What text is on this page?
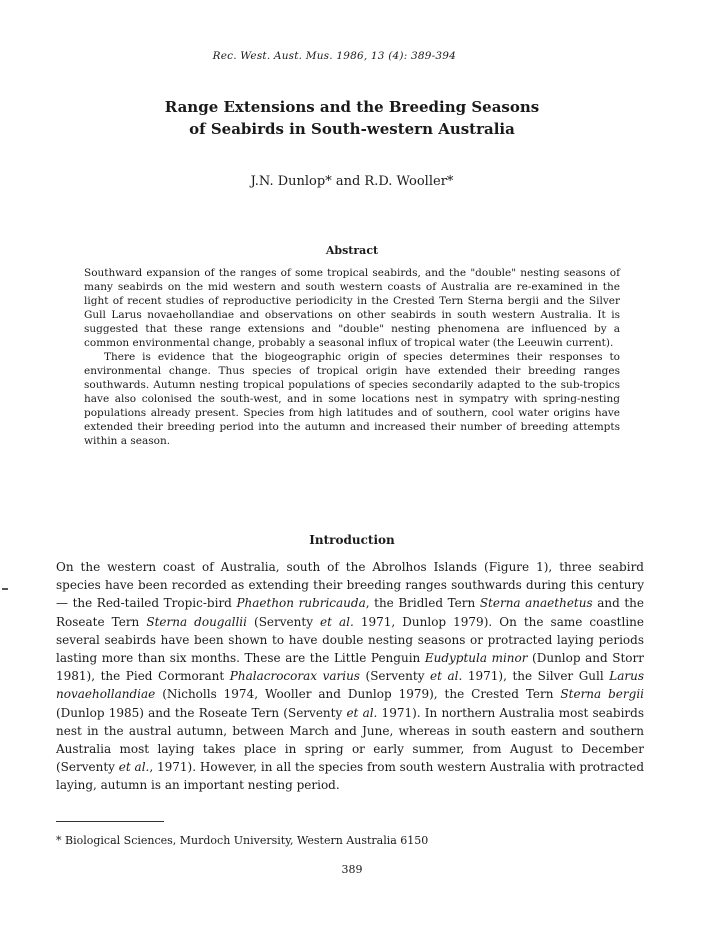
Rec. West. Aust. Mus. 1986, 13 (4): 389-394
Range Extensions and the Breeding Seasons
of Seabirds in South-western Australia
J.N. Dunlop* and R.D. Wooller*
Abstract

Southward expansion of the ranges of some tropical seabirds, and the "double" nesting seasons of many seabirds on the mid western and south western coasts of Australia are re-examined in the light of recent studies of reproductive periodicity in the Crested Tern Sterna bergii and the Silver Gull Larus novaehollandiae and observations on other seabirds in south western Australia. It is suggested that these range extensions and "double" nesting phenomena are influenced by a common environmental change, probably a seasonal influx of tropical water (the Leeuwin current).

There is evidence that the biogeographic origin of species determines their responses to environmental change. Thus species of tropical origin have extended their breeding ranges southwards. Autumn nesting tropical populations of species secondarily adapted to the sub-tropics have also colonised the south-west, and in some locations nest in sympatry with spring-nesting populations already present. Species from high latitudes and of southern, cool water origins have extended their breeding period into the autumn and increased their number of breeding attempts within a season.

Introduction

On the western coast of Australia, south of the Abrolhos Islands (Figure 1), three seabird species have been recorded as extending their breeding ranges southwards during this century — the Red-tailed Tropic-bird Phaethon rubricauda, the Bridled Tern Sterna anaethetus and the Roseate Tern Sterna dougallii (Serventy et al. 1971, Dunlop 1979). On the same coastline several seabirds have been shown to have double nesting seasons or protracted laying periods lasting more than six months. These are the Little Penguin Eudyptula minor (Dunlop and Storr 1981), the Pied Cormorant Phalacrocorax varius (Serventy et al. 1971), the Silver Gull Larus novaehollandiae (Nicholls 1974, Wooller and Dunlop 1979), the Crested Tern Sterna bergii (Dunlop 1985) and the Roseate Tern (Serventy et al. 1971). In northern Australia most seabirds nest in the austral autumn, between March and June, whereas in south eastern and southern Australia most laying takes place in spring or early summer, from August to December (Serventy et al., 1971). However, in all the species from south western Australia with protracted laying, autumn is an important nesting period.

* Biological Sciences, Murdoch University, Western Australia 6150
389
